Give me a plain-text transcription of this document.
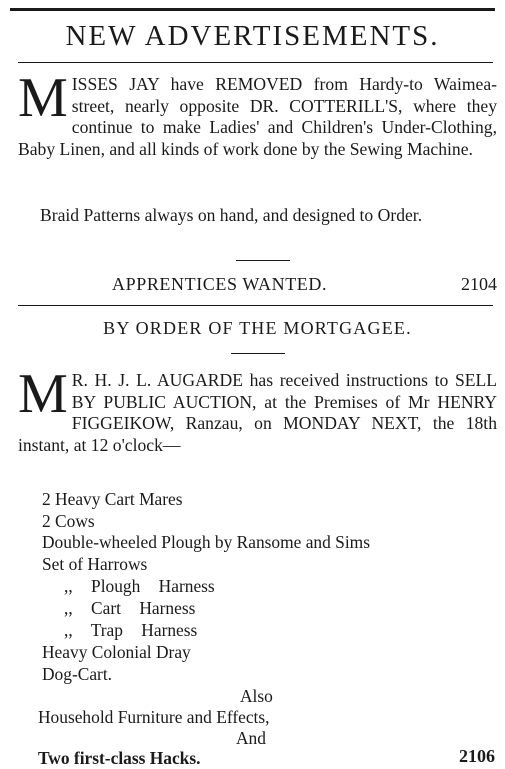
NEW ADVERTISEMENTS.
MISSES JAY have REMOVED from Hardy-to Waimea-street, nearly opposite DR. COTTERILL'S, where they continue to make Ladies' and Children's Under-Clothing, Baby Linen, and all kinds of work done by the Sewing Machine.
Braid Patterns always on hand, and designed to Order.
APPRENTICES WANTED.	2104
BY ORDER OF THE MORTGAGEE.
M R. H. J. L. AUGARDE has received instructions to SELL BY PUBLIC AUCTION, at the Premises of Mr HENRY FIGGEIKOW, Ranzau, on MONDAY NEXT, the 18th instant, at 12 o'clock—
2 Heavy Cart Mares
2 Cows
Double-wheeled Plough by Ransome and Sims
Set of Harrows
,, Plough Harness
,, Cart Harness
,, Trap Harness
Heavy Colonial Dray
Dog-Cart.
Also
Household Furniture and Effects,
And
Two first-class Hacks.	2106
